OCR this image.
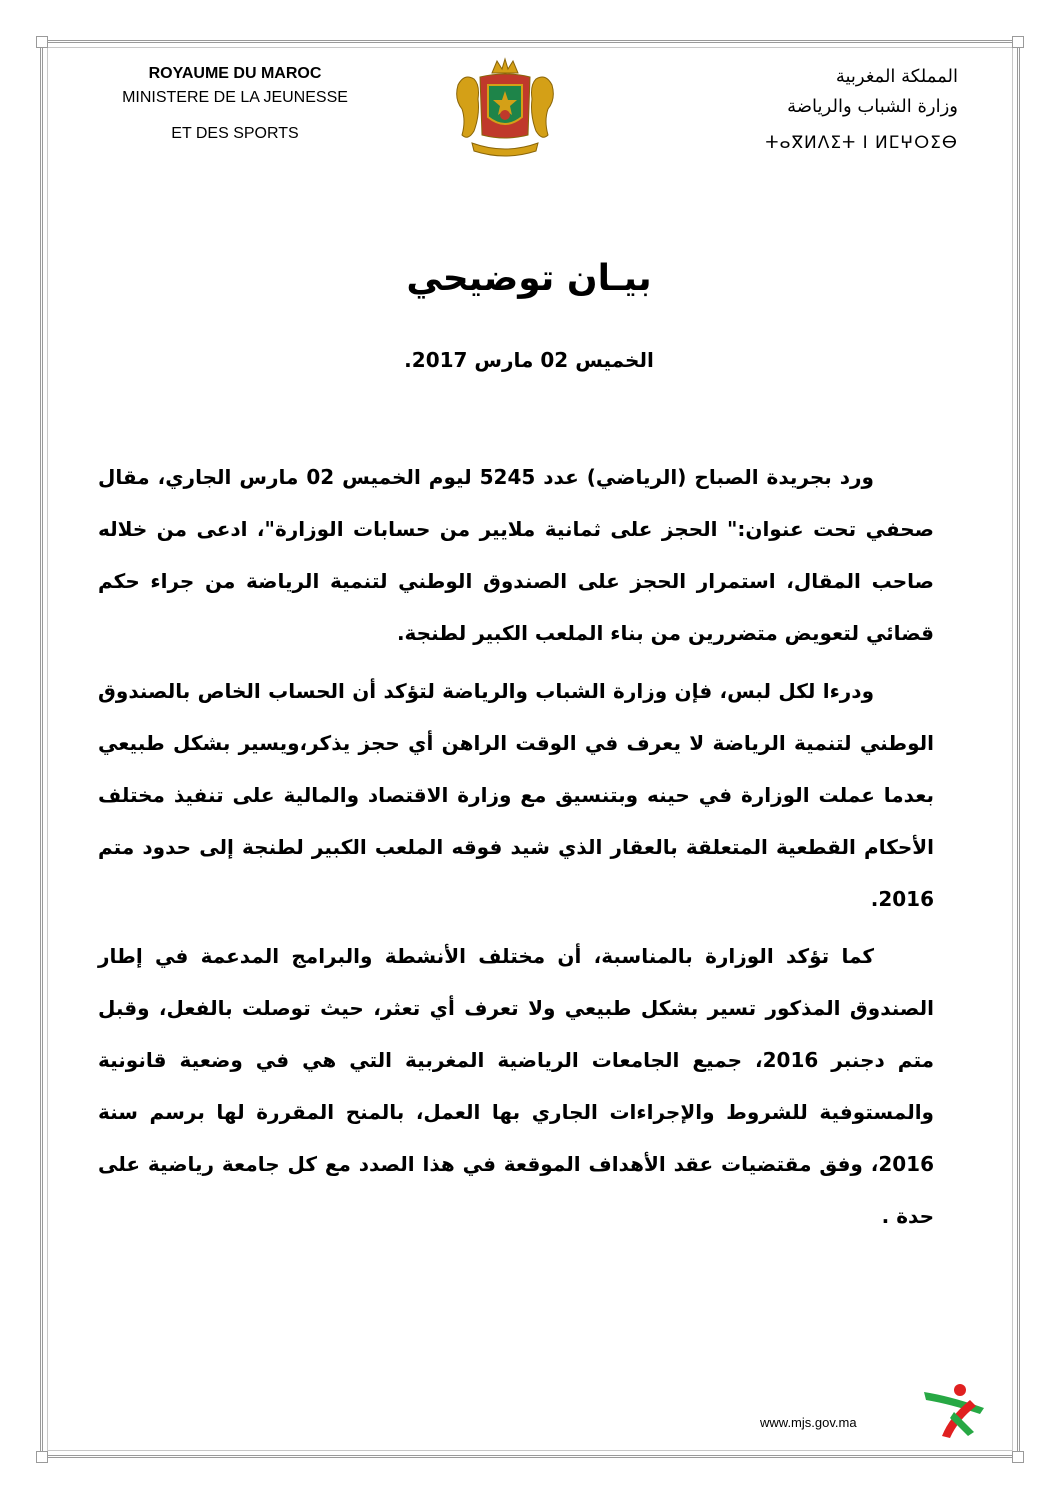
ROYAUME DU MAROC
MINISTERE DE LA JEUNESSE
ET DES SPORTS
المملكة المغربية
وزارة الشباب والرياضة
ⵜⴰⴳⵍⴷⵉⵜ ⵏ ⵍⵎⵖⵔⵉⴱ
بيـان توضيحي
الخميس 02 مارس 2017.
ورد بجريدة الصباح (الرياضي) عدد 5245 ليوم الخميس 02 مارس الجاري، مقال صحفي تحت عنوان:" الحجز على ثمانية ملايير من حسابات الوزارة"، ادعى من خلاله صاحب المقال، استمرار الحجز على الصندوق الوطني لتنمية الرياضة من جراء حكم قضائي لتعويض متضررين من بناء الملعب الكبير لطنجة.
ودرءا لكل لبس، فإن وزارة الشباب والرياضة لتؤكد أن الحساب الخاص بالصندوق الوطني لتنمية الرياضة لا يعرف في الوقت الراهن أي حجز يذكر،ويسير بشكل طبيعي بعدما عملت الوزارة في حينه وبتنسيق مع وزارة الاقتصاد والمالية على تنفيذ مختلف الأحكام القطعية المتعلقة بالعقار الذي شيد فوقه الملعب الكبير لطنجة إلى حدود متم 2016.
كما تؤكد الوزارة بالمناسبة، أن مختلف الأنشطة والبرامج المدعمة في إطار الصندوق المذكور تسير بشكل طبيعي ولا تعرف أي تعثر، حيث توصلت بالفعل، وقبل متم دجنبر 2016، جميع الجامعات الرياضية المغربية التي هي في وضعية قانونية والمستوفية للشروط والإجراءات الجاري بها العمل، بالمنح المقررة لها برسم سنة 2016، وفق مقتضيات عقد الأهداف الموقعة في هذا الصدد مع كل جامعة رياضية على حدة .
www.mjs.gov.ma
